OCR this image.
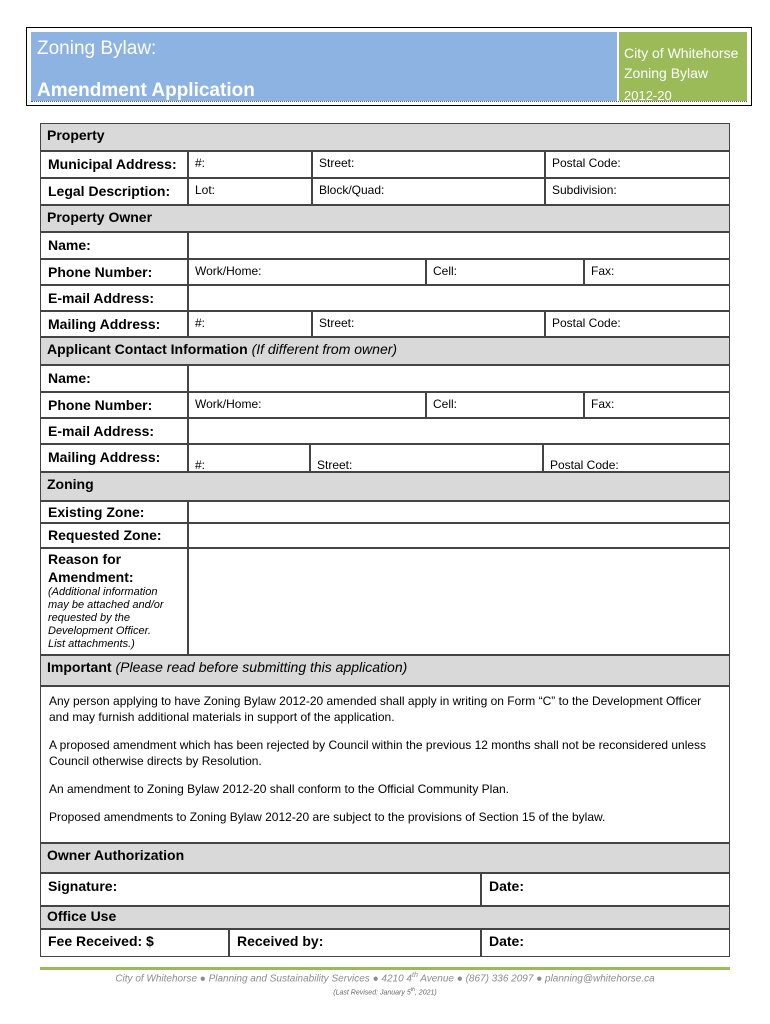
Zoning Bylaw:
Amendment Application
City of Whitehorse
Zoning Bylaw
2012-20
Property
Municipal Address:	#:	Street:	Postal Code:
Legal Description:	Lot:	Block/Quad:	Subdivision:
Property Owner
Name:
Phone Number:	Work/Home:	Cell:	Fax:
E-mail Address:
Mailing Address:	#:	Street:	Postal Code:
Applicant Contact Information (If different from owner)
Name:
Phone Number:	Work/Home:	Cell:	Fax:
E-mail Address:
Mailing Address:	#:	Street:	Postal Code:
Zoning
Existing Zone:
Requested Zone:
Reason for
Amendment:
(Additional information
may be attached and/or
requested by the
Development Officer.
List attachments.)
Important (Please read before submitting this application)

Any person applying to have Zoning Bylaw 2012-20 amended shall apply in writing on Form “C” to the Development Officer and may furnish additional materials in support of the application.

A proposed amendment which has been rejected by Council within the previous 12 months shall not be reconsidered unless Council otherwise directs by Resolution.

An amendment to Zoning Bylaw 2012-20 shall conform to the Official Community Plan.

Proposed amendments to Zoning Bylaw 2012-20 are subject to the provisions of Section 15 of the bylaw.

Owner Authorization
Signature:	Date:
Office Use
Fee Received: $	Received by:	Date:
City of Whitehorse ● Planning and Sustainability Services ● 4210 4th Avenue ● (867) 336 2097 ● planning@whitehorse.ca
(Last Revised: January 5th, 2021)
